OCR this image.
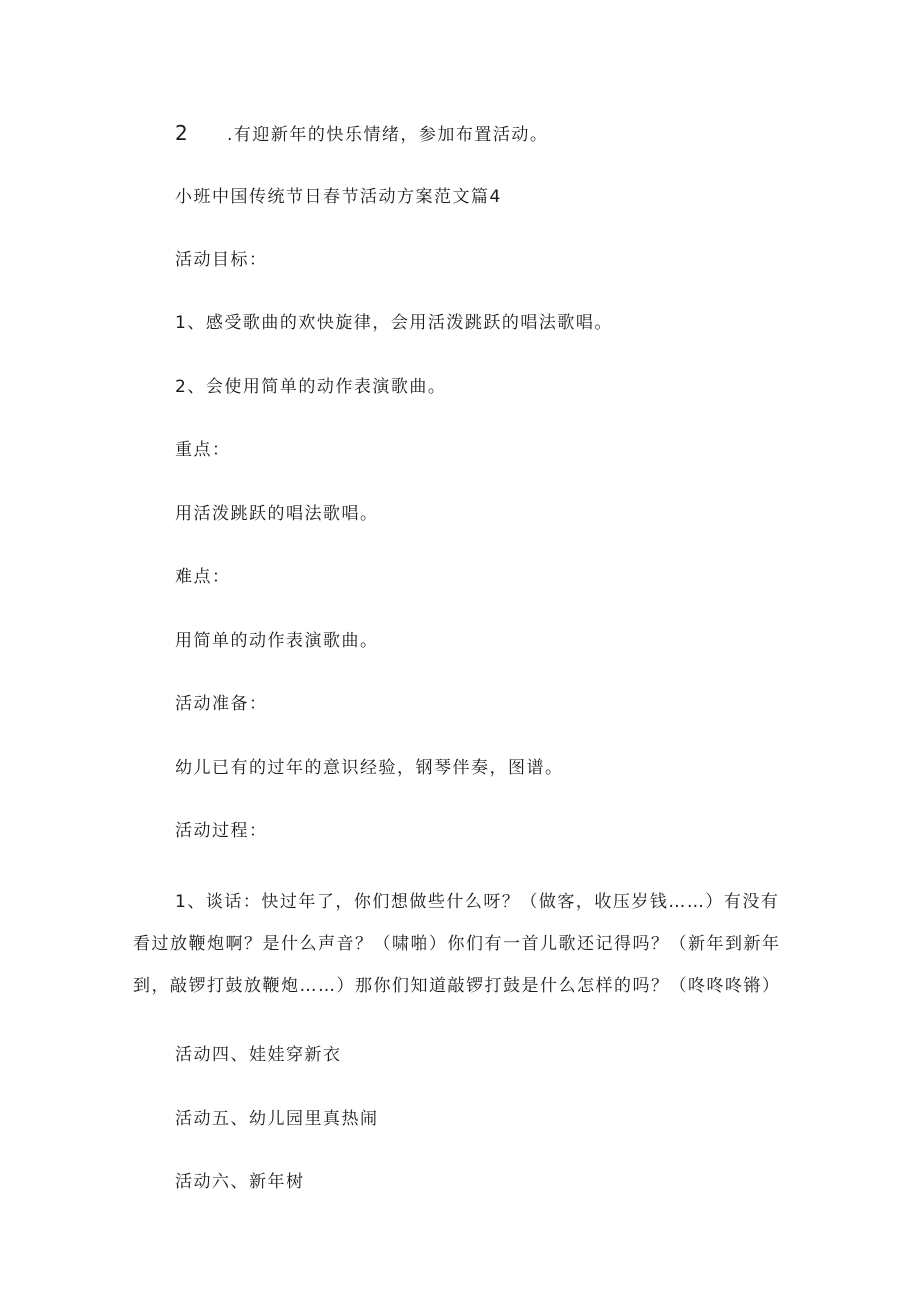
2 .有迎新年的快乐情绪，参加布置活动。
小班中国传统节日春节活动方案范文篇4
活动目标：
1、感受歌曲的欢快旋律，会用活泼跳跃的唱法歌唱。
2、会使用简单的动作表演歌曲。
重点：
用活泼跳跃的唱法歌唱。
难点：
用简单的动作表演歌曲。
活动准备：
幼儿已有的过年的意识经验，钢琴伴奏，图谱。
活动过程：
1、谈话：快过年了，你们想做些什么呀？（做客，收压岁钱……）有没有
看过放鞭炮啊？是什么声音？（啸啪）你们有一首儿歌还记得吗？（新年到新年
到，敲锣打鼓放鞭炮……）那你们知道敲锣打鼓是什么怎样的吗？（咚咚咚锵）
活动四、娃娃穿新衣
活动五、幼儿园里真热闹
活动六、新年树
